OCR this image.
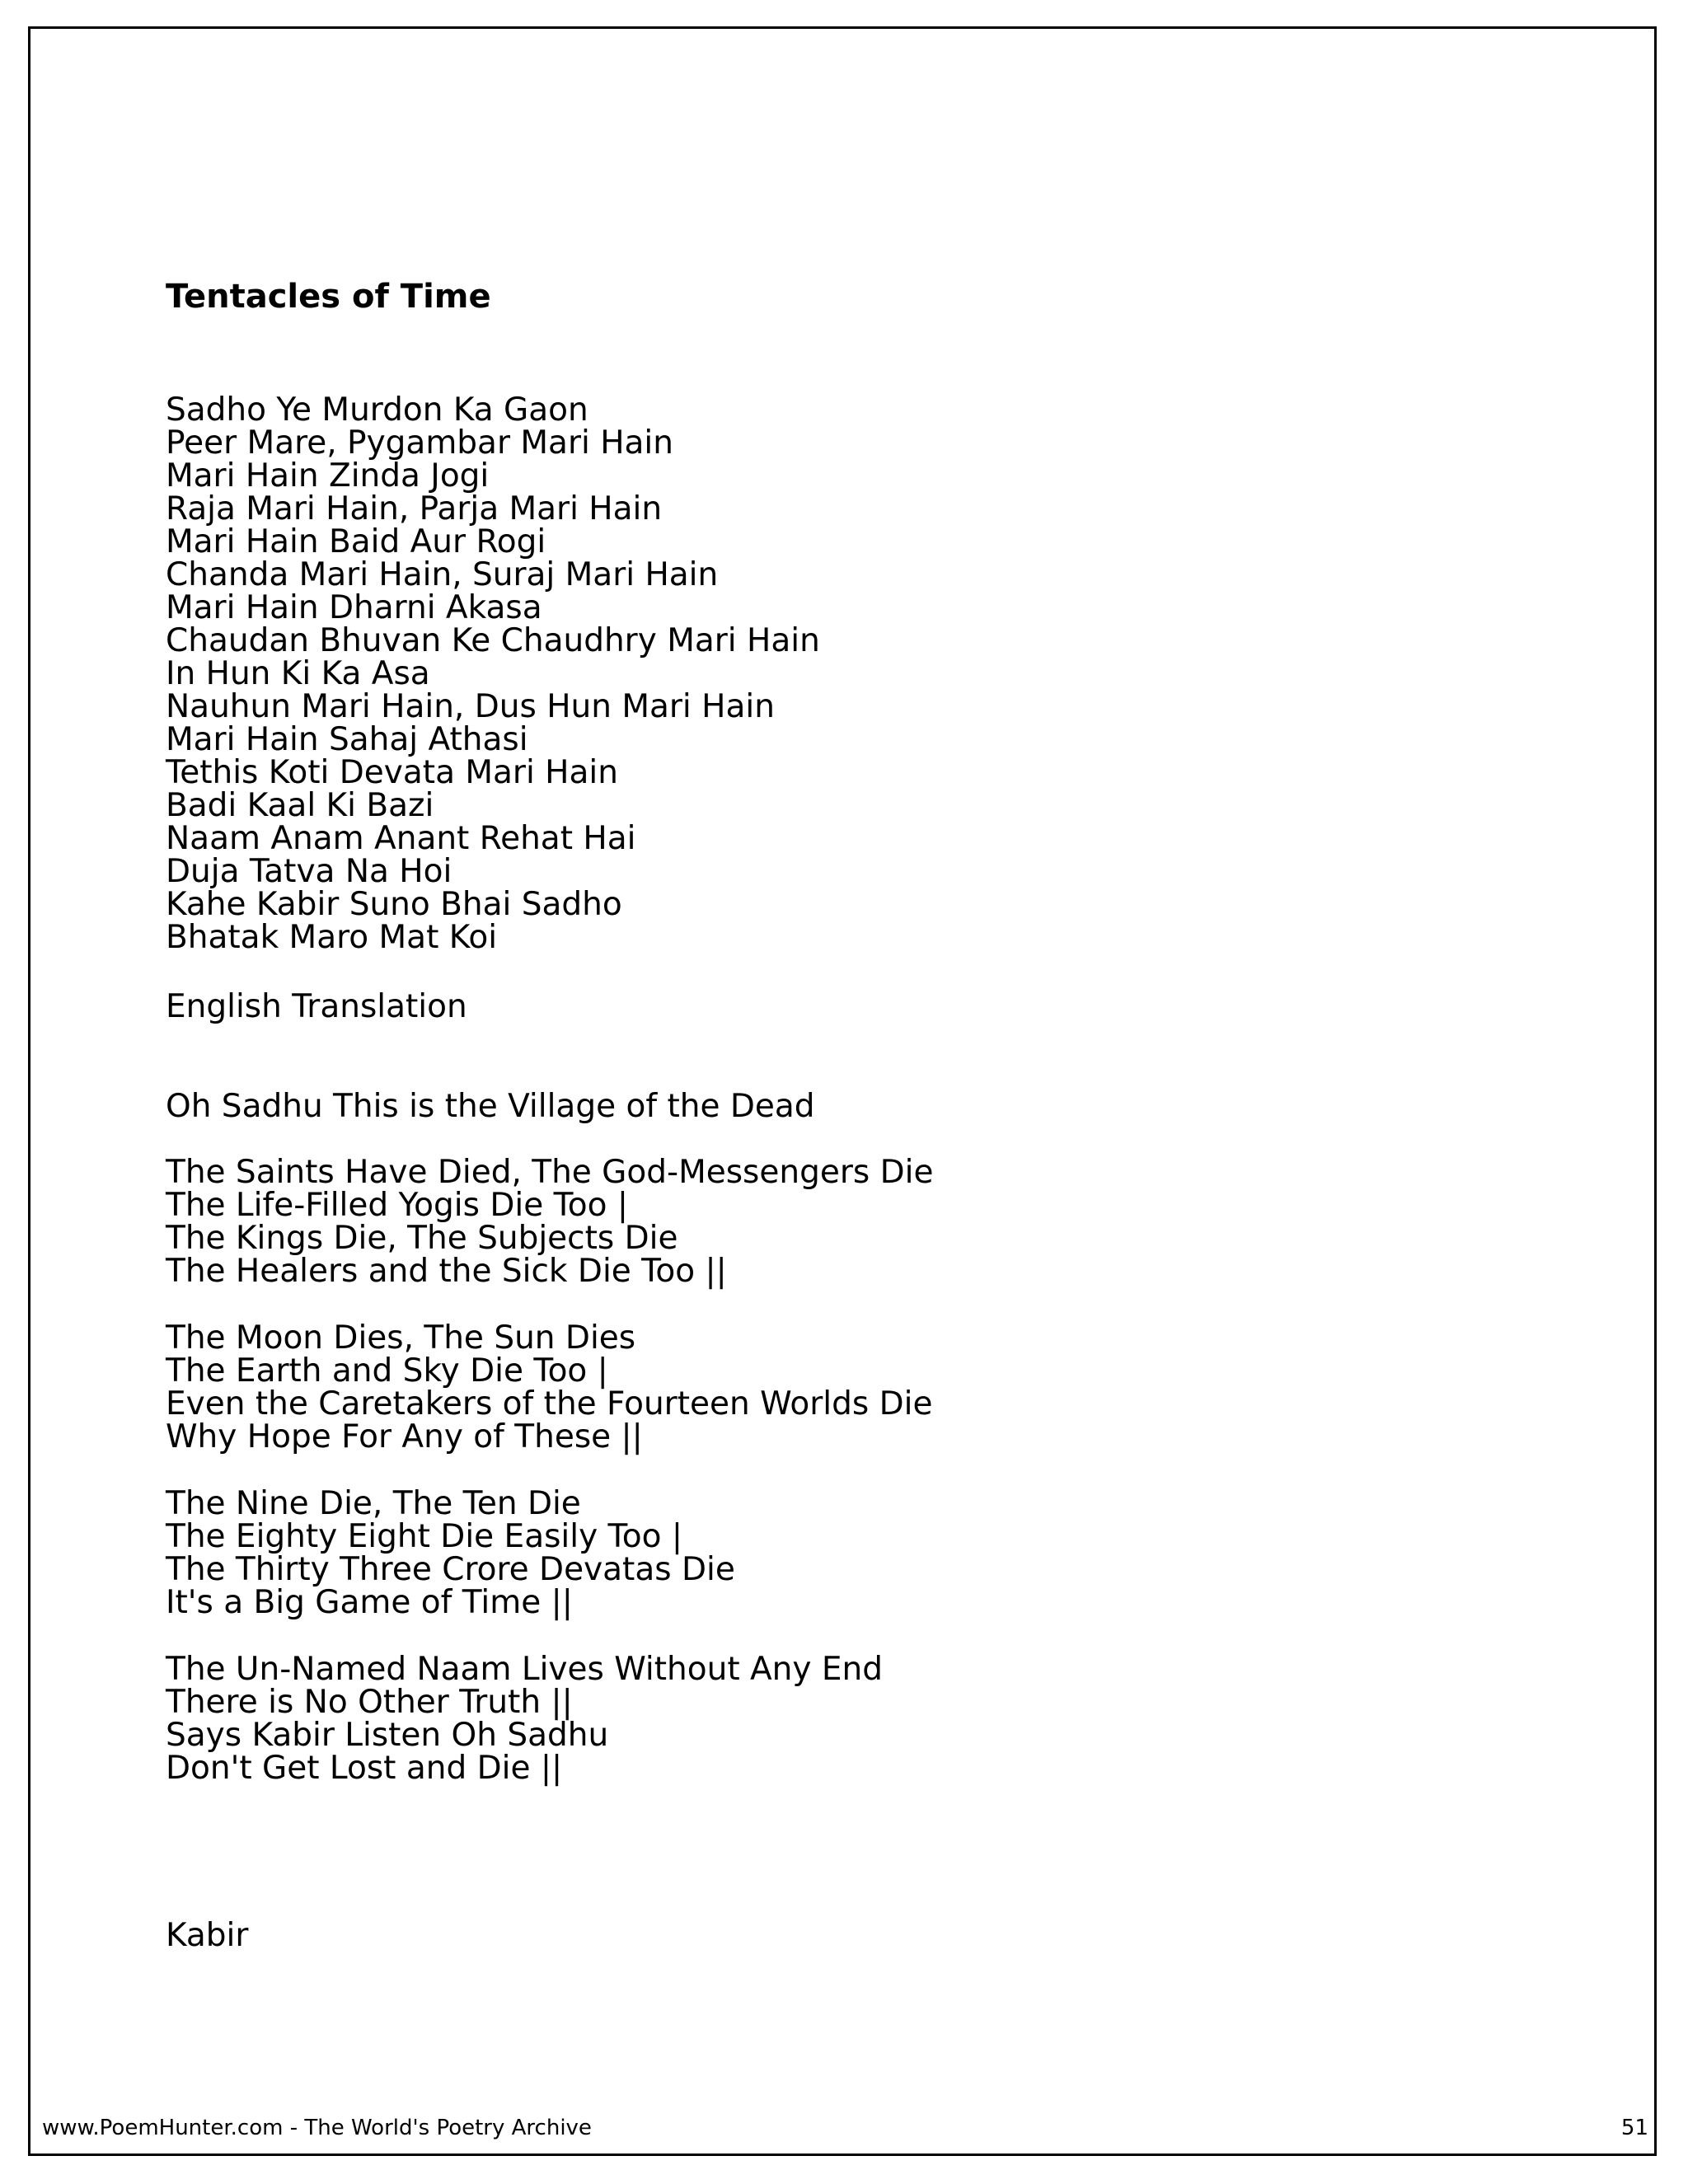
Tentacles of Time
Sadho Ye Murdon Ka Gaon
Peer Mare, Pygambar Mari Hain
Mari Hain Zinda Jogi
Raja Mari Hain, Parja Mari Hain
Mari Hain Baid Aur Rogi
Chanda Mari Hain, Suraj Mari Hain
Mari Hain Dharni Akasa
Chaudan Bhuvan Ke Chaudhry Mari Hain
In Hun Ki Ka Asa
Nauhun Mari Hain, Dus Hun Mari Hain
Mari Hain Sahaj Athasi
Tethis Koti Devata Mari Hain
Badi Kaal Ki Bazi
Naam Anam Anant Rehat Hai
Duja Tatva Na Hoi
Kahe Kabir Suno Bhai Sadho
Bhatak Maro Mat Koi
English Translation
Oh Sadhu This is the Village of the Dead
The Saints Have Died, The God-Messengers Die
The Life-Filled Yogis Die Too |
The Kings Die, The Subjects Die
The Healers and the Sick Die Too ||
The Moon Dies, The Sun Dies
The Earth and Sky Die Too |
Even the Caretakers of the Fourteen Worlds Die
Why Hope For Any of These ||
The Nine Die, The Ten Die
The Eighty Eight Die Easily Too |
The Thirty Three Crore Devatas Die
It's a Big Game of Time ||
The Un-Named Naam Lives Without Any End
There is No Other Truth ||
Says Kabir Listen Oh Sadhu
Don't Get Lost and Die ||
Kabir
www.PoemHunter.com - The World's Poetry Archive	51
